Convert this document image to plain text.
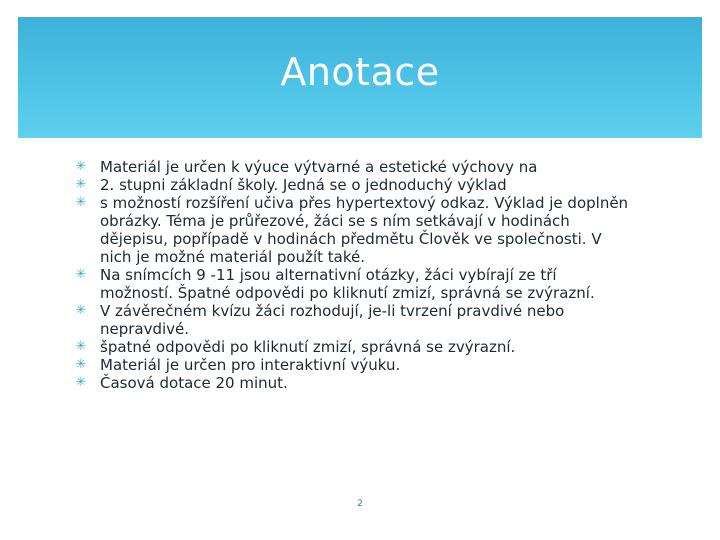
Anotace
✳ Materiál je určen k výuce výtvarné a estetické výchovy na
✳ 2. stupni základní školy. Jedná se o jednoduchý výklad
✳ s možností rozšíření učiva přes hypertextový odkaz. Výklad je doplněn obrázky. Téma je průřezové, žáci se s ním setkávají v hodinách dějepisu, popřípadě v hodinách předmětu Člověk ve společnosti. V nich je možné materiál použít také.
✳ Na snímcích 9 -11 jsou alternativní otázky, žáci vybírají ze tří možností. Špatné odpovědi po kliknutí zmizí, správná se zvýrazní.
✳ V závěrečném kvízu žáci rozhodují, je-li tvrzení pravdivé nebo nepravdivé.
✳ špatné odpovědi po kliknutí zmizí, správná se zvýrazní.
✳ Materiál je určen pro interaktivní výuku.
✳ Časová dotace 20 minut.
2
